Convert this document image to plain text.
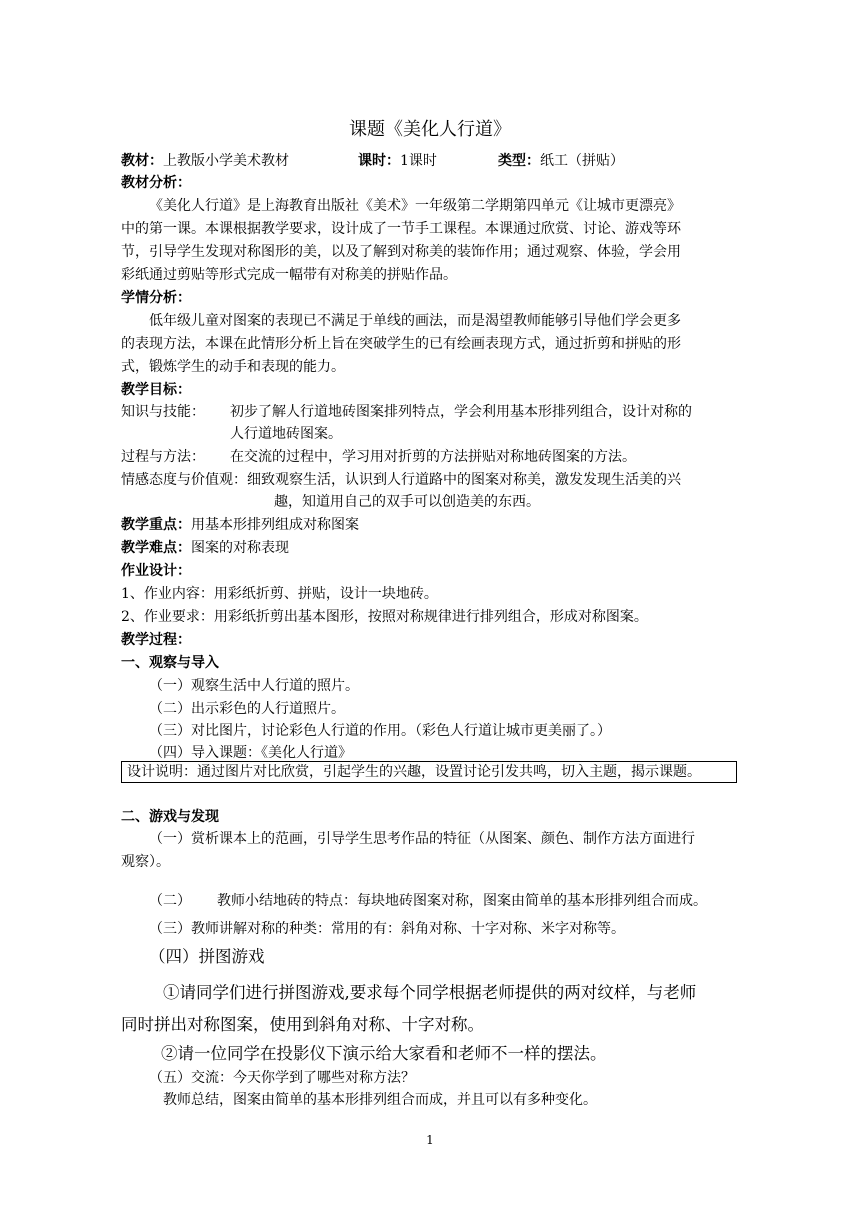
课题《美化人行道》
教材：上教版小学美术教材	课时：1课时	类型：纸工（拼贴）
教材分析：
《美化人行道》是上海教育出版社《美术》一年级第二学期第四单元《让城市更漂亮》
中的第一课。本课根据教学要求，设计成了一节手工课程。本课通过欣赏、讨论、游戏等环
节，引导学生发现对称图形的美，以及了解到对称美的装饰作用；通过观察、体验，学会用
彩纸通过剪贴等形式完成一幅带有对称美的拼贴作品。
学情分析：
低年级儿童对图案的表现已不满足于单线的画法，而是渴望教师能够引导他们学会更多
的表现方法，本课在此情形分析上旨在突破学生的已有绘画表现方式，通过折剪和拼贴的形
式，锻炼学生的动手和表现的能力。
教学目标：
知识与技能： 初步了解人行道地砖图案排列特点，学会利用基本形排列组合，设计对称的
人行道地砖图案。
过程与方法： 在交流的过程中，学习用对折剪的方法拼贴对称地砖图案的方法。
情感态度与价值观： 细致观察生活，认识到人行道路中的图案对称美，激发发现生活美的兴
趣，知道用自己的双手可以创造美的东西。
教学重点：用基本形排列组成对称图案
教学难点：图案的对称表现
作业设计：
1、作业内容：用彩纸折剪、拼贴，设计一块地砖。
2、作业要求：用彩纸折剪出基本图形，按照对称规律进行排列组合，形成对称图案。
教学过程：
一、观察与导入
（一）观察生活中人行道的照片。
（二）出示彩色的人行道照片。
（三）对比图片，讨论彩色人行道的作用。（彩色人行道让城市更美丽了。）
（四）导入课题：《美化人行道》
设计说明：通过图片对比欣赏，引起学生的兴趣，设置讨论引发共鸣，切入主题，揭示课题。
二、游戏与发现
（一）赏析课本上的范画，引导学生思考作品的特征（从图案、颜色、制作方法方面进行
观察）。
（二） 教师小结地砖的特点：每块地砖图案对称，图案由简单的基本形排列组合而成。
（三）教师讲解对称的种类：常用的有：斜角对称、十字对称、米字对称等。
（四）拼图游戏
①请同学们进行拼图游戏,要求每个同学根据老师提供的两对纹样，与老师
同时拼出对称图案，使用到斜角对称、十字对称。
②请一位同学在投影仪下演示给大家看和老师不一样的摆法。
（五）交流：今天你学到了哪些对称方法？
教师总结，图案由简单的基本形排列组合而成，并且可以有多种变化。
1
